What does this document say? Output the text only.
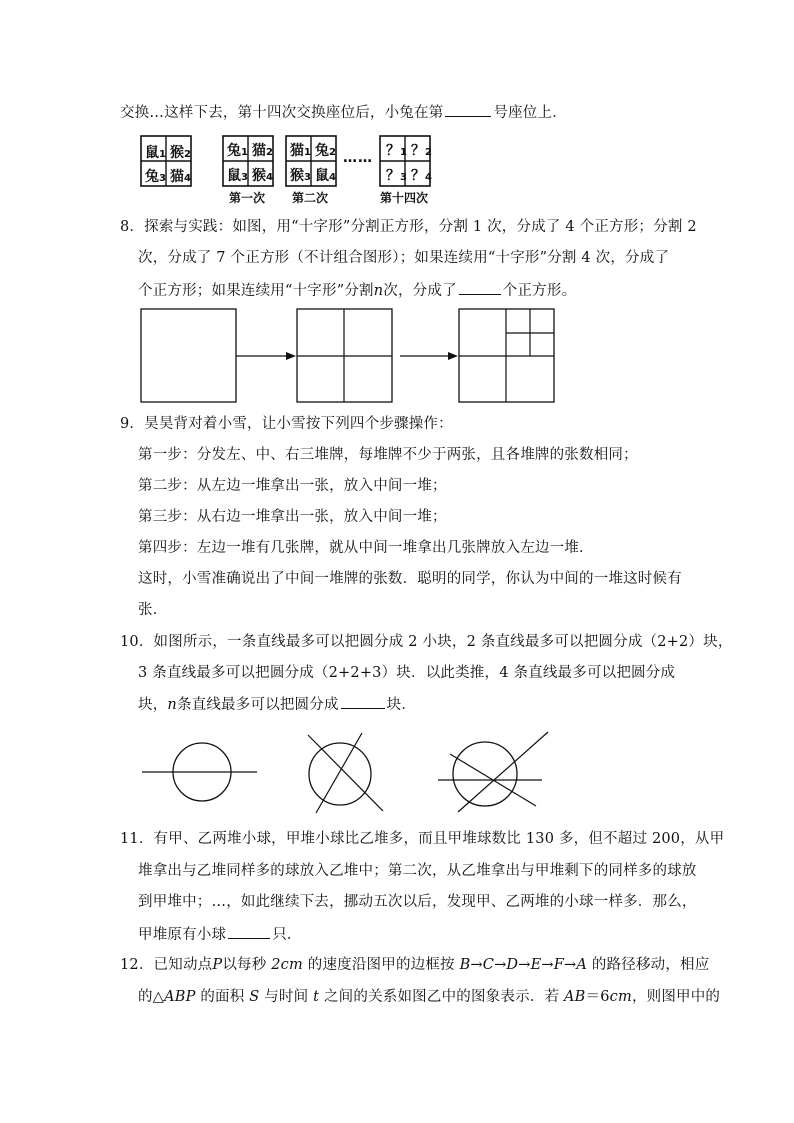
交换…这样下去，第十四次交换座位后，小兔在第	号座位上．
鼠1 猴2
兔3 猫4
兔1 猫2
鼠3 猴4
猫1 兔2
猴3 鼠4
…… ？1 ？2
？3 ？4
第一次 第二次	第十四次
8．探索与实践：如图，用“十字形”分割正方形，分割 1 次，分成了 4 个正方形；分割 2
次，分成了 7 个正方形（不计组合图形）；如果连续用“十字形”分割 4 次，分成了
个正方形；如果连续用“十字形”分割n次，分成了	个正方形。
9．昊昊背对着小雪，让小雪按下列四个步骤操作：
第一步：分发左、中、右三堆牌，每堆牌不少于两张，且各堆牌的张数相同；
第二步：从左边一堆拿出一张，放入中间一堆；
第三步：从右边一堆拿出一张，放入中间一堆；
第四步：左边一堆有几张牌，就从中间一堆拿出几张牌放入左边一堆．
这时，小雪准确说出了中间一堆牌的张数．聪明的同学，你认为中间的一堆这时候有
张．
10．如图所示，一条直线最多可以把圆分成 2 小块，2 条直线最多可以把圆分成（2+2）块，
3 条直线最多可以把圆分成（2+2+3）块．以此类推，4 条直线最多可以把圆分成
块，n条直线最多可以把圆分成	块．
11．有甲、乙两堆小球，甲堆小球比乙堆多，而且甲堆球数比 130 多，但不超过 200，从甲
堆拿出与乙堆同样多的球放入乙堆中；第二次，从乙堆拿出与甲堆剩下的同样多的球放
到甲堆中；…，如此继续下去，挪动五次以后，发现甲、乙两堆的小球一样多．那么，
甲堆原有小球	只．
12．已知动点P以每秒 2cm 的速度沿图甲的边框按 B→C→D→E→F→A 的路径移动，相应
的△ABP 的面积 S 与时间 t 之间的关系如图乙中的图象表示．若 AB＝6cm，则图甲中的
